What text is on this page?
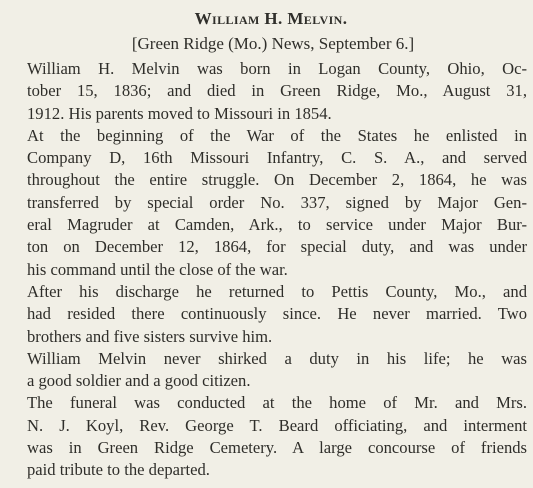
William H. Melvin.
[Green Ridge (Mo.) News, September 6.]

William H. Melvin was born in Logan County, Ohio, Oc-
tober 15, 1836; and died in Green Ridge, Mo., August 31,
1912. His parents moved to Missouri in 1854.

At the beginning of the War of the States he enlisted in
Company D, 16th Missouri Infantry, C. S. A., and served
throughout the entire struggle. On December 2, 1864, he was
transferred by special order No. 337, signed by Major Gen-
eral Magruder at Camden, Ark., to service under Major Bur-
ton on December 12, 1864, for special duty, and was under
his command until the close of the war.

After his discharge he returned to Pettis County, Mo., and
had resided there continuously since. He never married. Two
brothers and five sisters survive him.

William Melvin never shirked a duty in his life; he was
a good soldier and a good citizen.

The funeral was conducted at the home of Mr. and Mrs.
N. J. Koyl, Rev. George T. Beard officiating, and interment
was in Green Ridge Cemetery. A large concourse of friends
paid tribute to the departed.
